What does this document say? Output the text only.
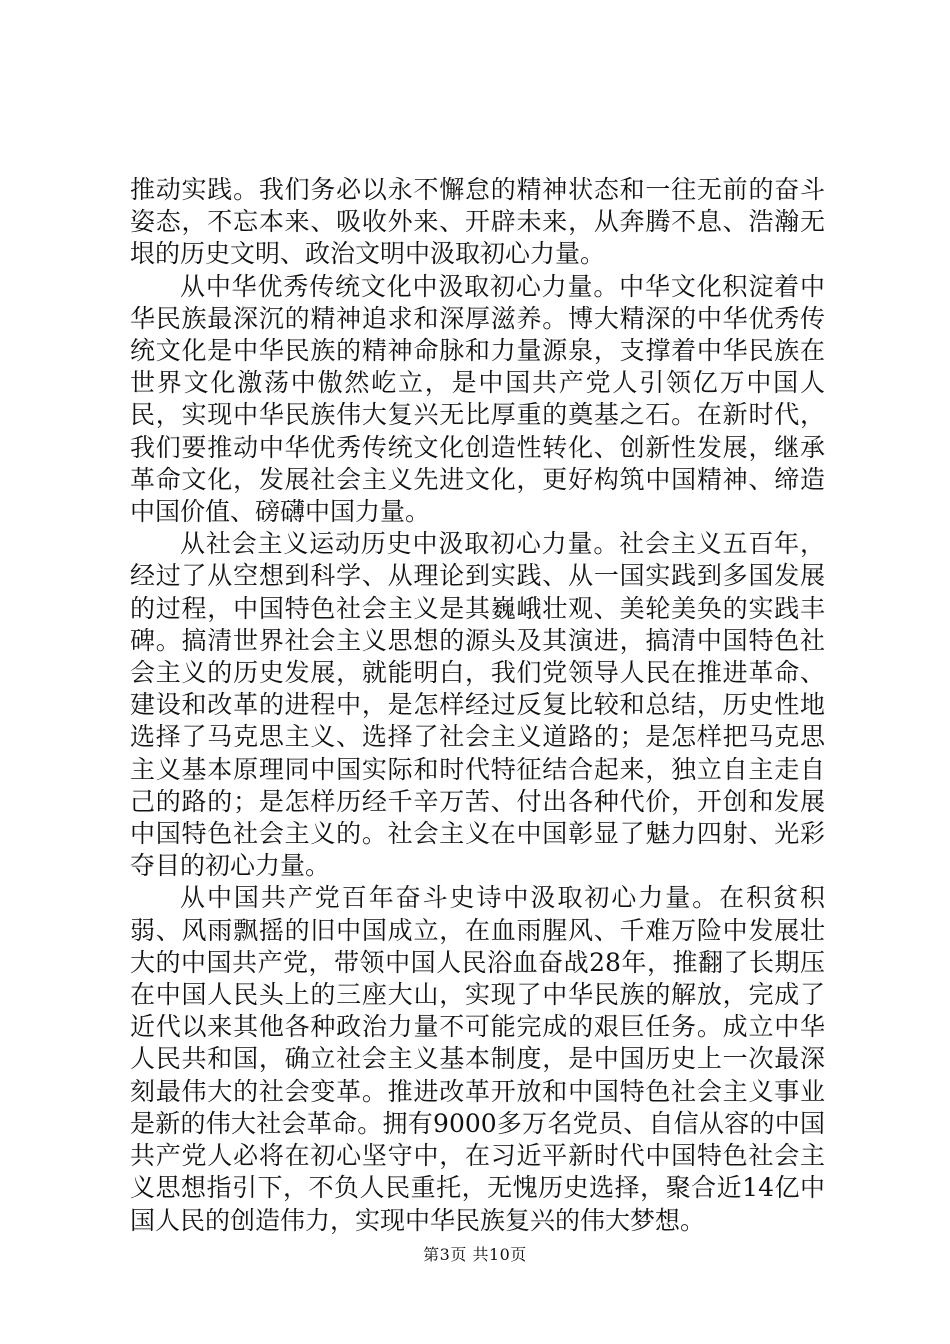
推动实践。我们务必以永不懈怠的精神状态和一往无前的奋斗姿态，不忘本来、吸收外来、开辟未来，从奔腾不息、浩瀚无垠的历史文明、政治文明中汲取初心力量。

从中华优秀传统文化中汲取初心力量。中华文化积淀着中华民族最深沉的精神追求和深厚滋养。博大精深的中华优秀传统文化是中华民族的精神命脉和力量源泉，支撑着中华民族在世界文化激荡中傲然屹立，是中国共产党人引领亿万中国人民，实现中华民族伟大复兴无比厚重的奠基之石。在新时代，我们要推动中华优秀传统文化创造性转化、创新性发展，继承革命文化，发展社会主义先进文化，更好构筑中国精神、缔造中国价值、磅礴中国力量。

从社会主义运动历史中汲取初心力量。社会主义五百年，经过了从空想到科学、从理论到实践、从一国实践到多国发展的过程，中国特色社会主义是其巍峨壮观、美轮美奂的实践丰碑。搞清世界社会主义思想的源头及其演进，搞清中国特色社会主义的历史发展，就能明白，我们党领导人民在推进革命、建设和改革的进程中，是怎样经过反复比较和总结，历史性地选择了马克思主义、选择了社会主义道路的；是怎样把马克思主义基本原理同中国实际和时代特征结合起来，独立自主走自己的路的；是怎样历经千辛万苦、付出各种代价，开创和发展中国特色社会主义的。社会主义在中国彰显了魅力四射、光彩夺目的初心力量。

从中国共产党百年奋斗史诗中汲取初心力量。在积贫积弱、风雨飘摇的旧中国成立，在血雨腥风、千难万险中发展壮大的中国共产党，带领中国人民浴血奋战28年，推翻了长期压在中国人民头上的三座大山，实现了中华民族的解放，完成了近代以来其他各种政治力量不可能完成的艰巨任务。成立中华人民共和国，确立社会主义基本制度，是中国历史上一次最深刻最伟大的社会变革。推进改革开放和中国特色社会主义事业是新的伟大社会革命。拥有9000多万名党员、自信从容的中国共产党人必将在初心坚守中，在习近平新时代中国特色社会主义思想指引下，不负人民重托，无愧历史选择，聚合近14亿中国人民的创造伟力，实现中华民族复兴的伟大梦想。

第3页 共10页
